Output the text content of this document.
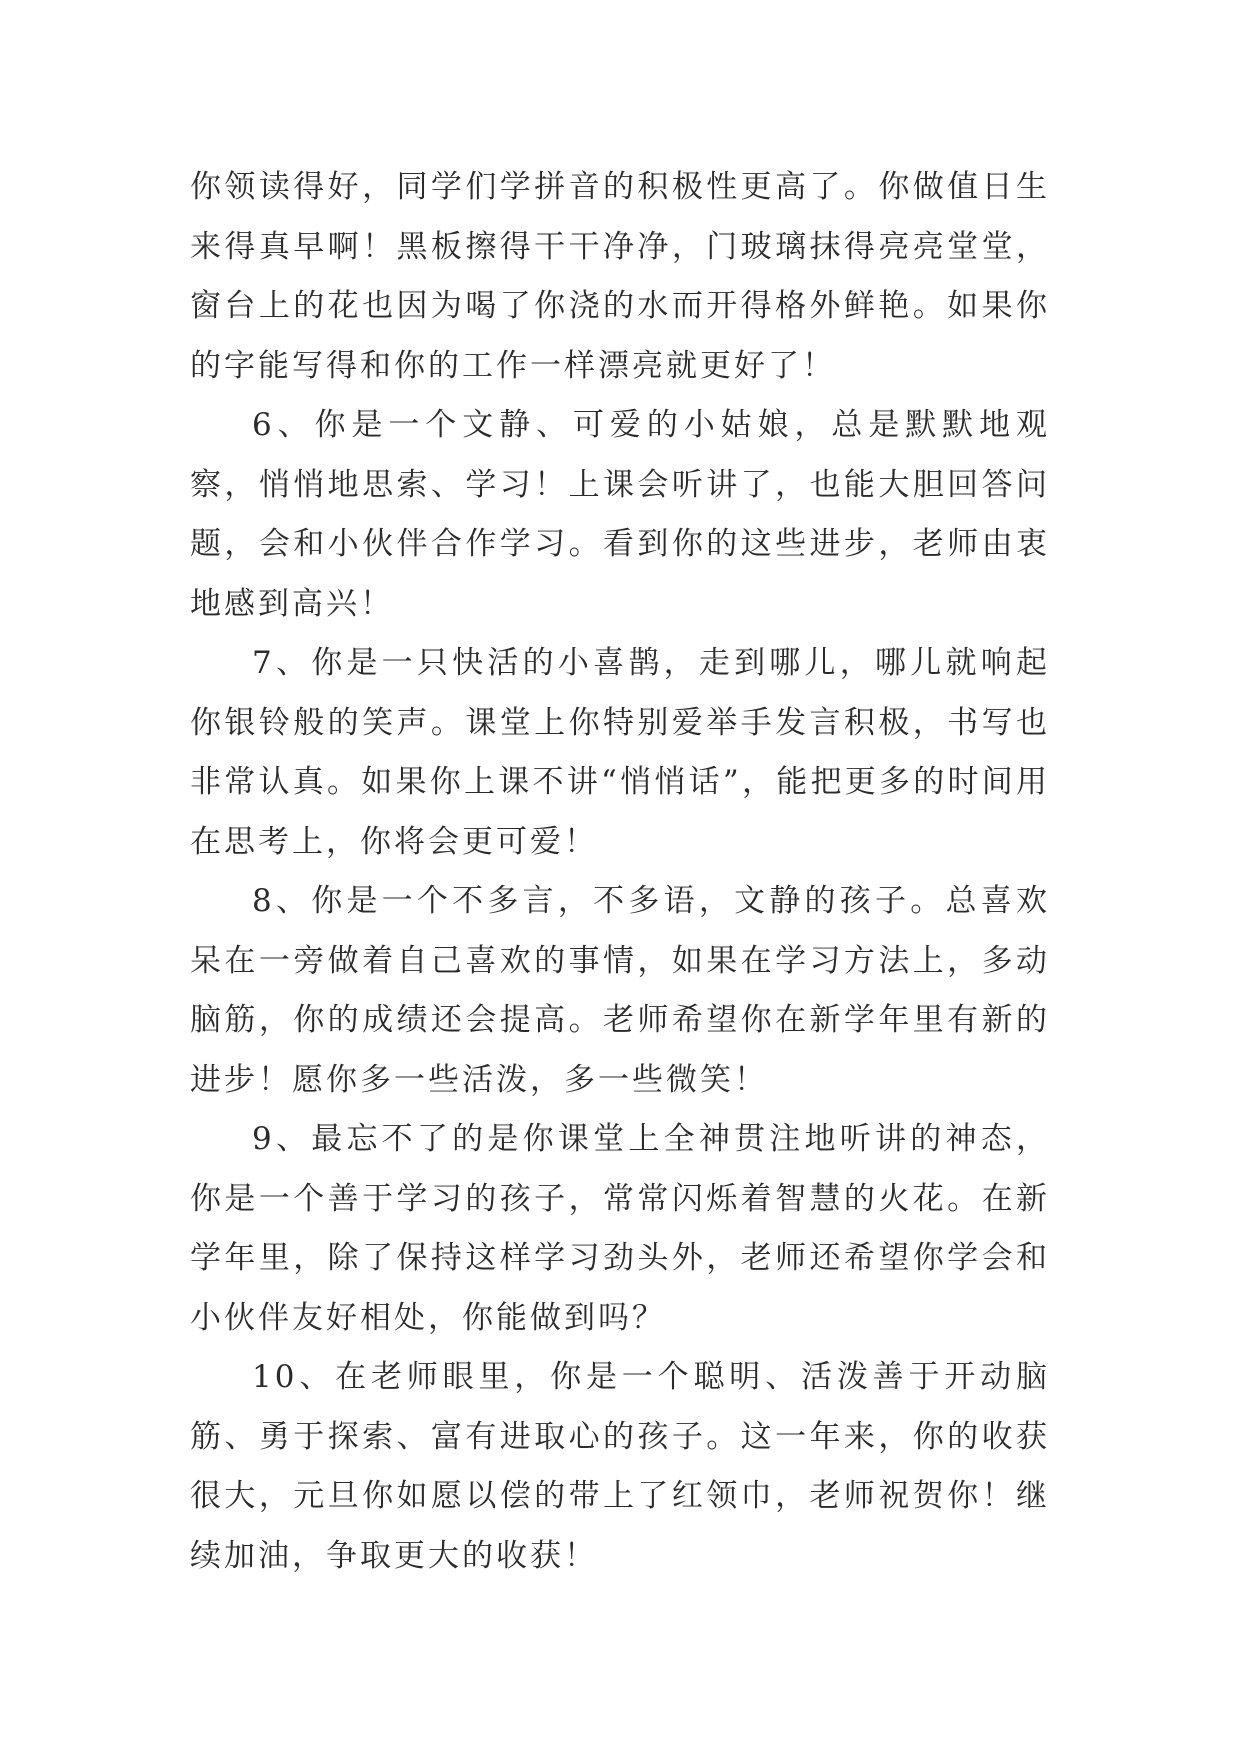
你领读得好，同学们学拼音的积极性更高了。你做值日生来得真早啊！黑板擦得干干净净，门玻璃抹得亮亮堂堂，窗台上的花也因为喝了你浇的水而开得格外鲜艳。如果你的字能写得和你的工作一样漂亮就更好了！

6、你是一个文静、可爱的小姑娘，总是默默地观察，悄悄地思索、学习！上课会听讲了，也能大胆回答问题，会和小伙伴合作学习。看到你的这些进步，老师由衷地感到高兴！

7、你是一只快活的小喜鹊，走到哪儿，哪儿就响起你银铃般的笑声。课堂上你特别爱举手发言积极，书写也非常认真。如果你上课不讲“悄悄话”，能把更多的时间用在思考上，你将会更可爱！

8、你是一个不多言，不多语，文静的孩子。总喜欢呆在一旁做着自己喜欢的事情，如果在学习方法上，多动脑筋，你的成绩还会提高。老师希望你在新学年里有新的进步！愿你多一些活泼，多一些微笑！

9、最忘不了的是你课堂上全神贯注地听讲的神态，你是一个善于学习的孩子，常常闪烁着智慧的火花。在新学年里，除了保持这样学习劲头外，老师还希望你学会和小伙伴友好相处，你能做到吗？

10、在老师眼里，你是一个聪明、活泼善于开动脑筋、勇于探索、富有进取心的孩子。这一年来，你的收获很大，元旦你如愿以偿的带上了红领巾，老师祝贺你！继续加油，争取更大的收获！
